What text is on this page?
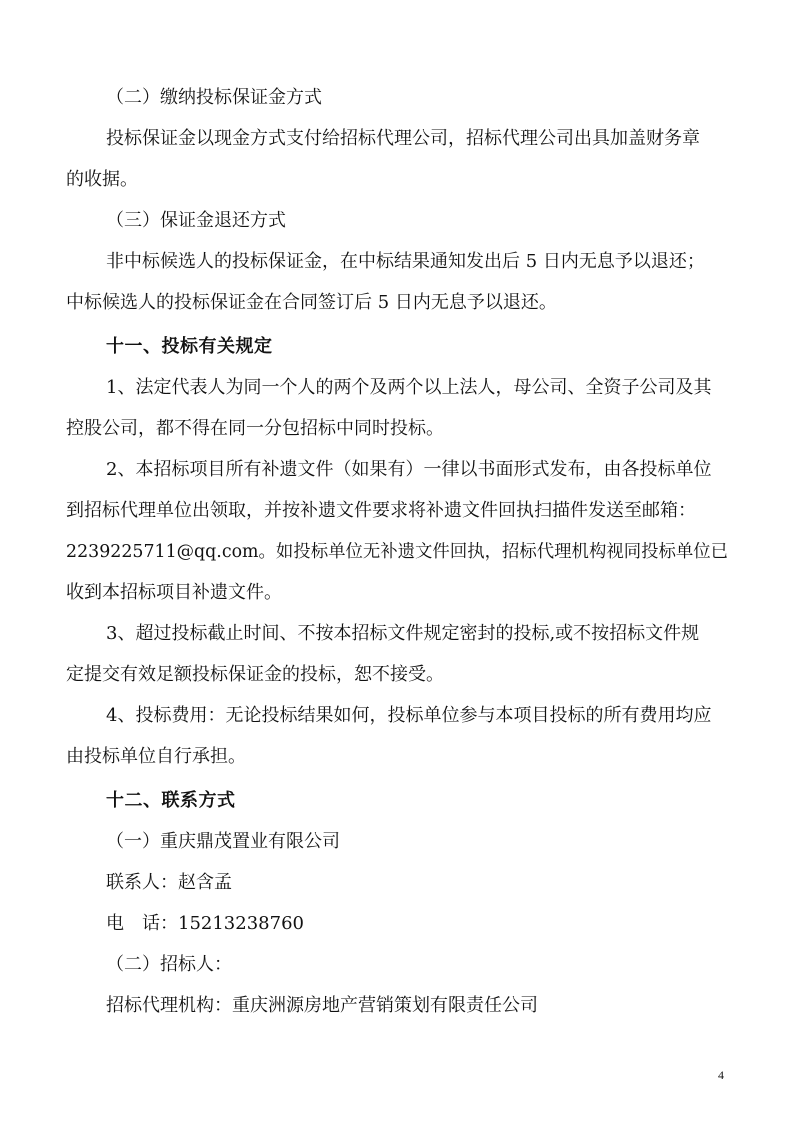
（二）缴纳投标保证金方式
投标保证金以现金方式支付给招标代理公司，招标代理公司出具加盖财务章
的收据。
（三）保证金退还方式
非中标候选人的投标保证金，在中标结果通知发出后 5 日内无息予以退还；
中标候选人的投标保证金在合同签订后 5 日内无息予以退还。
十一、投标有关规定
1、法定代表人为同一个人的两个及两个以上法人，母公司、全资子公司及其
控股公司，都不得在同一分包招标中同时投标。
2、本招标项目所有补遗文件（如果有）一律以书面形式发布，由各投标单位
到招标代理单位出领取，并按补遗文件要求将补遗文件回执扫描件发送至邮箱：
2239225711@qq.com。如投标单位无补遗文件回执，招标代理机构视同投标单位已
收到本招标项目补遗文件。
3、超过投标截止时间、不按本招标文件规定密封的投标,或不按招标文件规
定提交有效足额投标保证金的投标，恕不接受。
4、投标费用：无论投标结果如何，投标单位参与本项目投标的所有费用均应
由投标单位自行承担。
十二、联系方式
（一）重庆鼎茂置业有限公司
联系人：赵含孟
电　话：15213238760
（二）招标人：
招标代理机构：重庆洲源房地产营销策划有限责任公司
4
